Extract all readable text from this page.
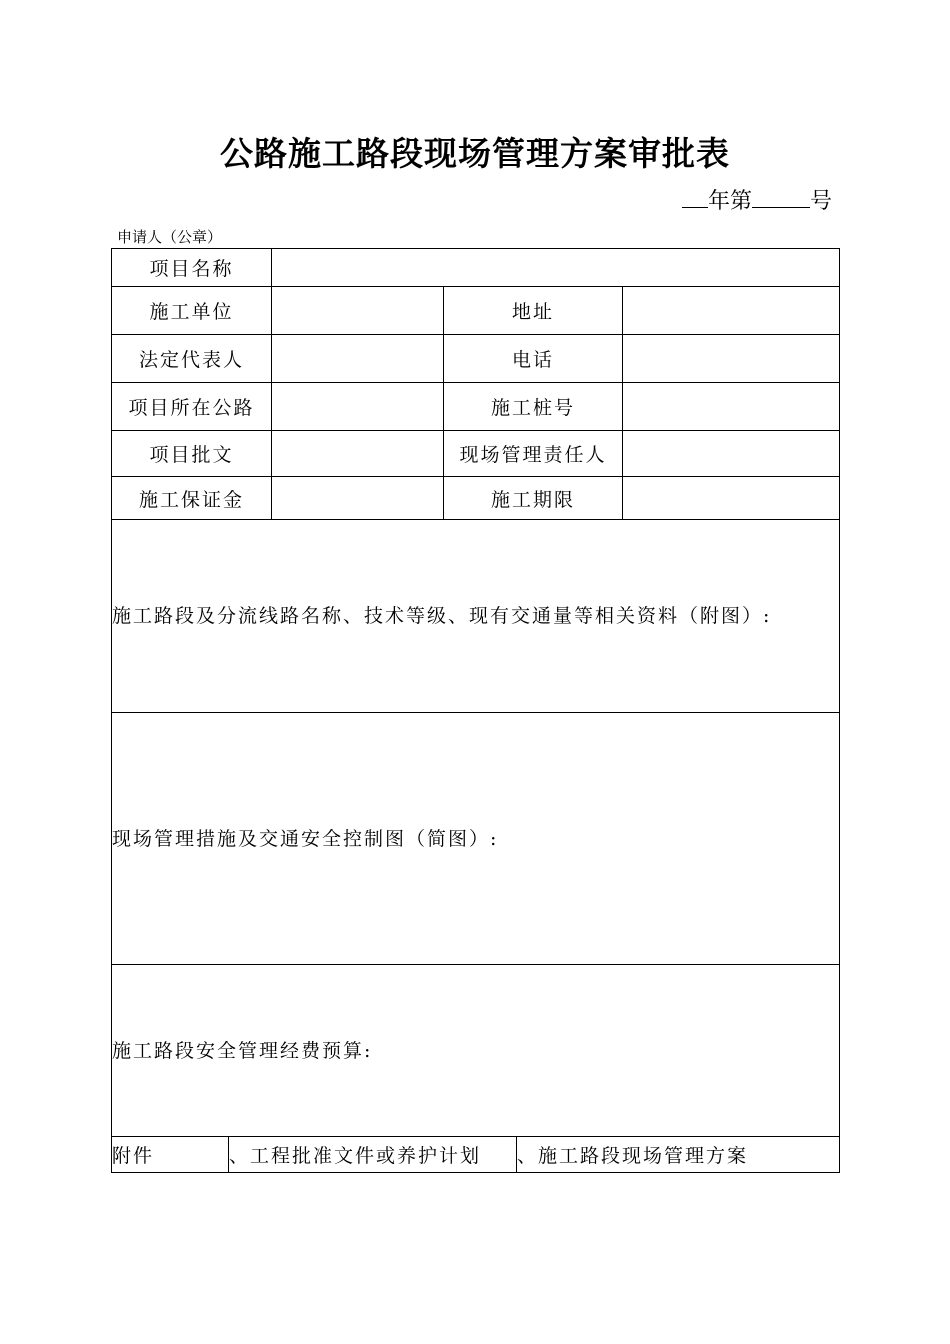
公路施工路段现场管理方案审批表
年第	号
申请人（公章）
项目名称					
施工单位			地址		
法定代表人			电话		
项目所在公路			施工桩号		
项目批文			现场管理责任人		
施工保证金			施工期限		
施工路段及分流线路名称、技术等级、现有交通量等相关资料（附图）:					
现场管理措施及交通安全控制图（简图）:					
施工路段安全管理经费预算:					
附件	、工程批准文件或养护计划			、施工路段现场管理方案	
